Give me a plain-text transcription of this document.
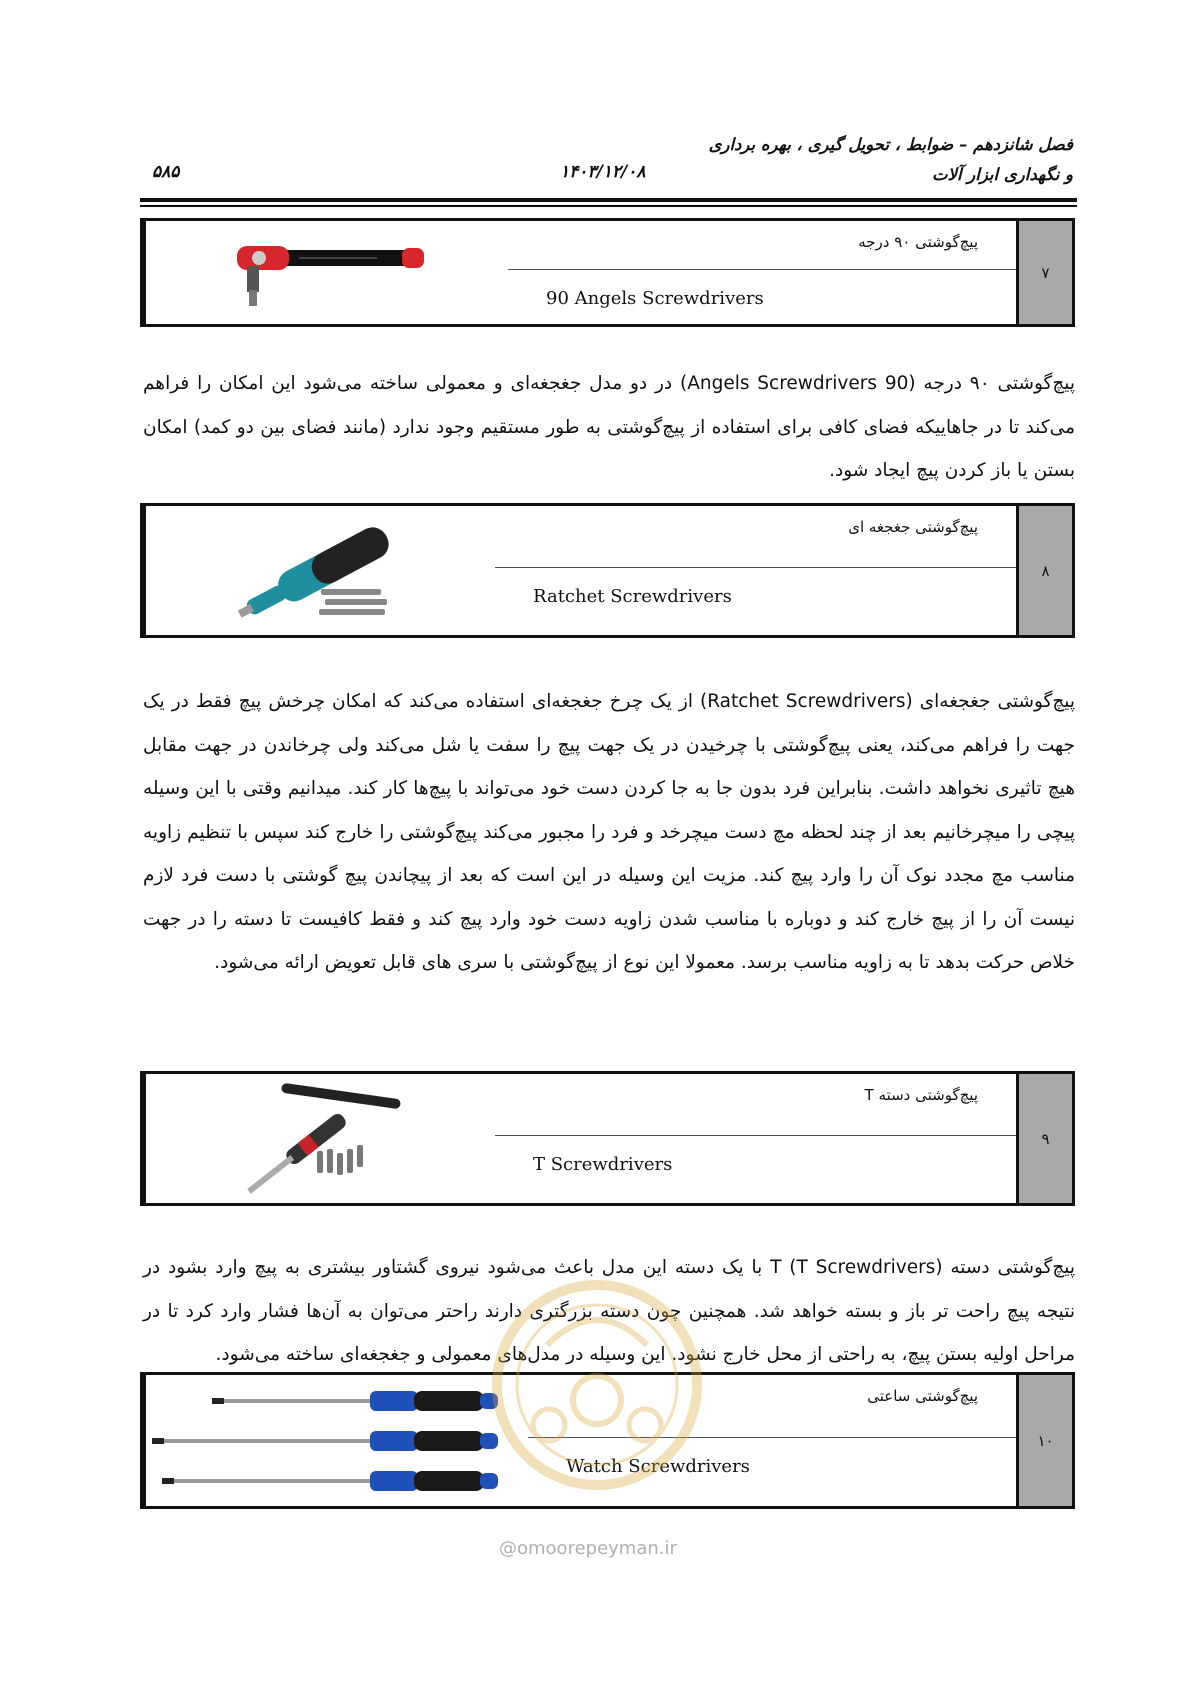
فصل شانزدهم – ضوابط ، تحویل گیری ، بهره برداری
و نگهداری ابزار آلات
۱۴۰۳/۱۲/۰۸
۵۸۵
پیچ‌گوشتی ۹۰ درجه
90 Angels Screwdrivers
۷

پیچ‌گوشتی ۹۰ درجه (90 Angels Screwdrivers) در دو مدل جغجغه‌ای و معمولی ساخته می‌شود این امکان را فراهم می‌کند تا در جاهاییکه فضای کافی برای استفاده از پیچ‌گوشتی به طور مستقیم وجود ندارد (مانند فضای بین دو کمد) امکان بستن یا باز کردن پیچ ایجاد شود.

پیچ‌گوشتی جغجغه ای
Ratchet Screwdrivers
۸

پیچ‌گوشتی جغجغه‌ای (Ratchet Screwdrivers) از یک چرخ جغجغه‌ای استفاده می‌کند که امکان چرخش پیچ فقط در یک جهت را فراهم می‌کند، یعنی پیچ‌گوشتی با چرخیدن در یک جهت پیچ را سفت یا شل می‌کند ولی چرخاندن در جهت مقابل هیچ تاثیری نخواهد داشت. بنابراین فرد بدون جا به جا کردن دست خود می‌تواند با پیچ‌ها کار کند. میدانیم وقتی با این وسیله پیچی را میچرخانیم بعد از چند لحظه مچ دست میچرخد و فرد را مجبور می‌کند پیچ‌گوشتی را خارج کند سپس با تنظیم زاویه مناسب مچ مجدد نوک آن را وارد پیچ کند. مزیت این وسیله در این است که بعد از پیچاندن پیچ گوشتی با دست فرد لازم نیست آن را از پیچ خارج کند و دوباره با مناسب شدن زاویه دست خود وارد پیچ کند و فقط کافیست تا دسته را در جهت خلاص حرکت بدهد تا به زاویه مناسب برسد. معمولا این نوع از پیچ‌گوشتی با سری های قابل تعویض ارائه می‌شود.

پیچ‌گوشتی دسته T
T Screwdrivers
۹

پیچ‌گوشتی دسته T (T Screwdrivers) با یک دسته این مدل باعث می‌شود نیروی گشتاور بیشتری به پیچ وارد بشود در نتیجه پیچ راحت تر باز و بسته خواهد شد. همچنین چون دسته بزرگتری دارند راحتر می‌توان به آن‌ها فشار وارد کرد تا در مراحل اولیه بستن پیچ، به راحتی از محل خارج نشود. این وسیله در مدل‌های معمولی و جغجغه‌ای ساخته می‌شود.

پیچ‌گوشتی ساعتی
Watch Screwdrivers
۱۰
@omoorepeyman.ir
